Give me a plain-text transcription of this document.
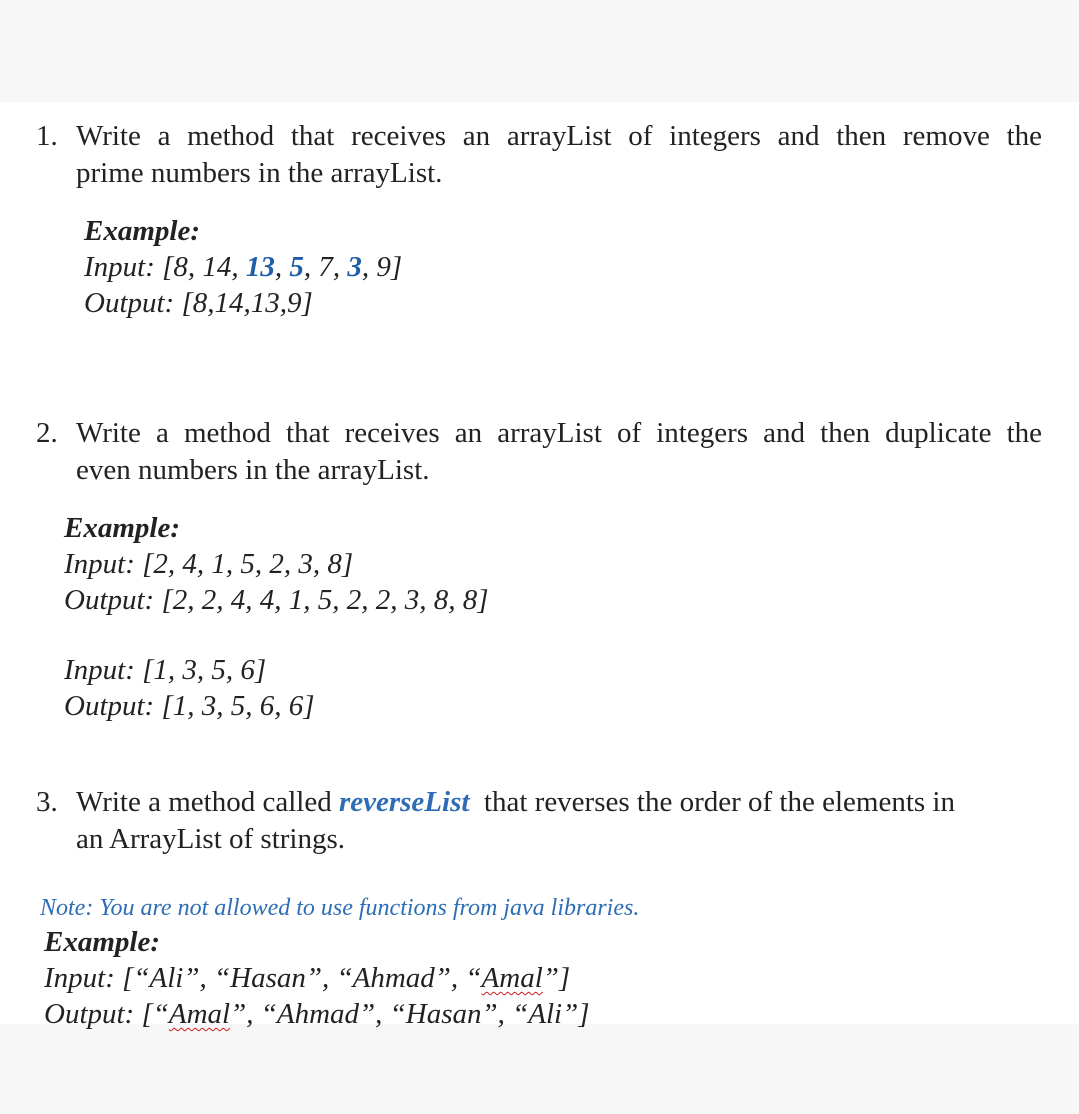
1. Write a method that receives an arrayList of integers and then remove the
prime numbers in the arrayList.
Example:
Input: [8, 14, 13, 5, 7, 3, 9]
Output: [8,14,13,9]
2. Write a method that receives an arrayList of integers and then duplicate the
even numbers in the arrayList.
Example:
Input: [2, 4, 1, 5, 2, 3, 8]
Output: [2, 2, 4, 4, 1, 5, 2, 2, 3, 8, 8]
Input: [1, 3, 5, 6]
Output: [1, 3, 5, 6, 6]
3. Write a method called reverseList  that reverses the order of the elements in
an ArrayList of strings.
Note: You are not allowed to use functions from java libraries.
Example:
Input: [“Ali”, “Hasan”, “Ahmad”, “Amal”]
Output: [“Amal”, “Ahmad”, “Hasan”, “Ali”]
